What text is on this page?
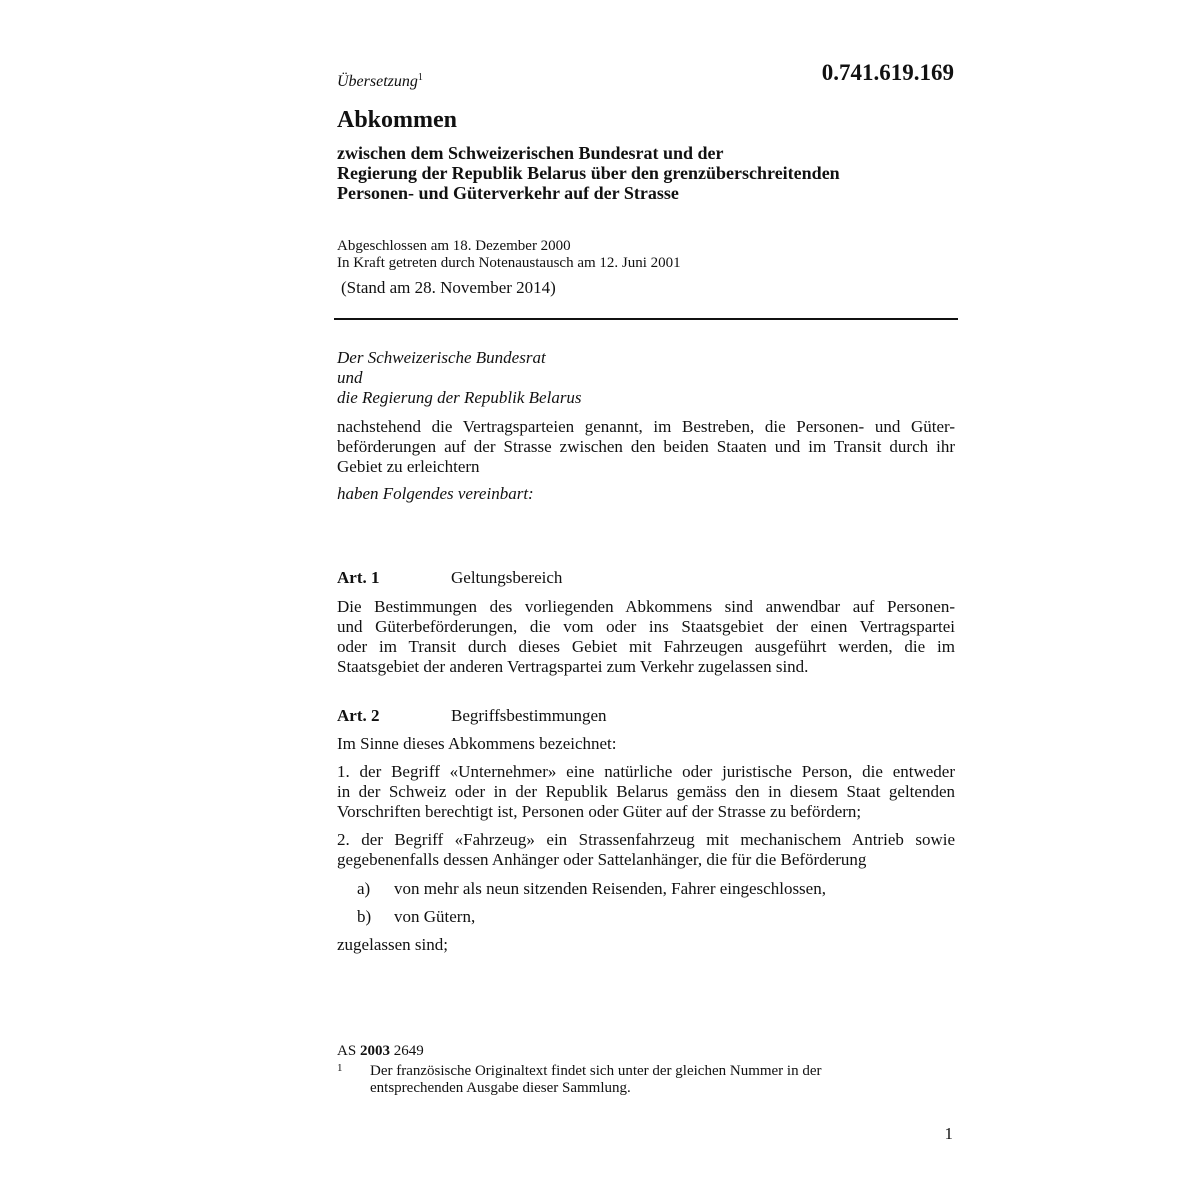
Übersetzung$^1$	0.741.619.169
Abkommen
zwischen dem Schweizerischen Bundesrat und der
Regierung der Republik Belarus über den grenzüberschreitenden
Personen- und Güterverkehr auf der Strasse
Abgeschlossen am 18. Dezember 2000
In Kraft getreten durch Notenaustausch am 12. Juni 2001
(Stand am 28. November 2014)
Der Schweizerische Bundesrat
und
die Regierung der Republik Belarus
nachstehend die Vertragsparteien genannt, im Bestreben, die Personen- und Güter-
beförderungen auf der Strasse zwischen den beiden Staaten und im Transit durch ihr
Gebiet zu erleichtern
haben Folgendes vereinbart:
Art. 1	Geltungsbereich
Die Bestimmungen des vorliegenden Abkommens sind anwendbar auf Personen-
und Güterbeförderungen, die vom oder ins Staatsgebiet der einen Vertragspartei
oder im Transit durch dieses Gebiet mit Fahrzeugen ausgeführt werden, die im
Staatsgebiet der anderen Vertragspartei zum Verkehr zugelassen sind.
Art. 2	Begriffsbestimmungen
Im Sinne dieses Abkommens bezeichnet:
1. der Begriff «Unternehmer» eine natürliche oder juristische Person, die entweder
in der Schweiz oder in der Republik Belarus gemäss den in diesem Staat geltenden
Vorschriften berechtigt ist, Personen oder Güter auf der Strasse zu befördern;
2. der Begriff «Fahrzeug» ein Strassenfahrzeug mit mechanischem Antrieb sowie
gegebenenfalls dessen Anhänger oder Sattelanhänger, die für die Beförderung
a) von mehr als neun sitzenden Reisenden, Fahrer eingeschlossen,
b) von Gütern,
zugelassen sind;
AS 2003 2649
1 Der französische Originaltext findet sich unter der gleichen Nummer in der
entsprechenden Ausgabe dieser Sammlung.
1
